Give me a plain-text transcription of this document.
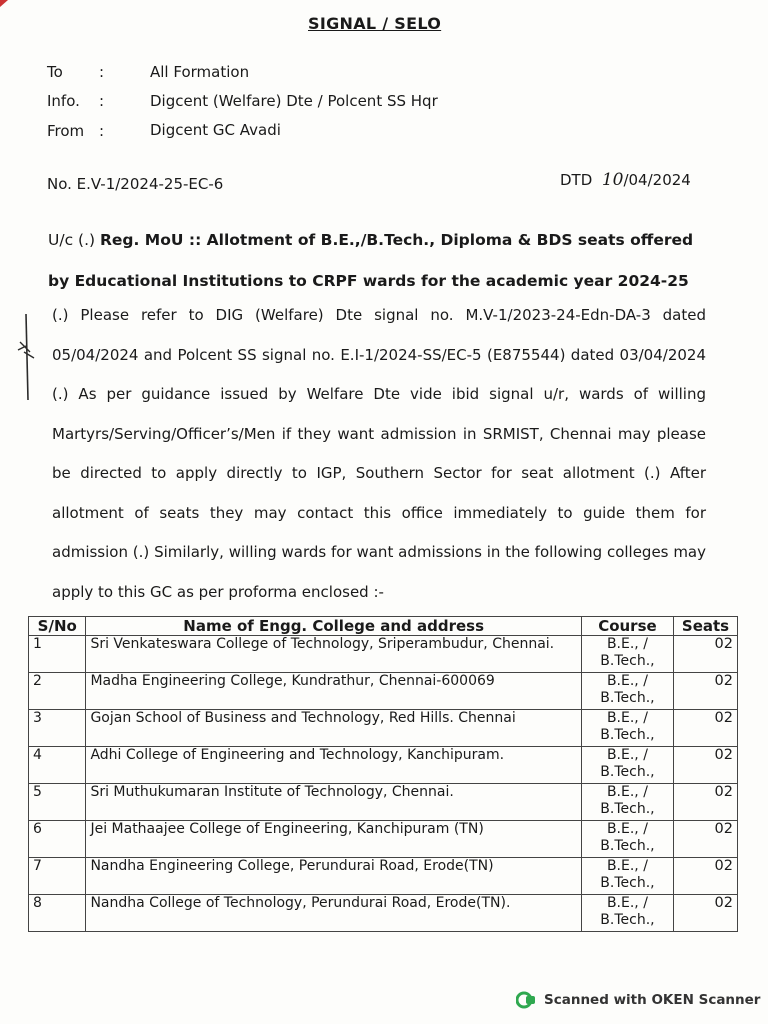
SIGNAL / SELO
To :	All Formation
Info. :	Digcent (Welfare) Dte / Polcent SS Hqr
From :	Digcent GC Avadi
No. E.V-1/2024-25-EC-6	DTD 10/04/2024
U/c (.) Reg. MoU :: Allotment of B.E.,/B.Tech., Diploma & BDS seats offered by Educational Institutions to CRPF wards for the academic year 2024-25
(.) Please refer to DIG (Welfare) Dte signal no. M.V-1/2023-24-Edn-DA-3 dated 05/04/2024 and Polcent SS signal no. E.I-1/2024-SS/EC-5 (E875544) dated 03/04/2024 (.) As per guidance issued by Welfare Dte vide ibid signal u/r, wards of willing Martyrs/Serving/Officer’s/Men if they want admission in SRMIST, Chennai may please be directed to apply directly to IGP, Southern Sector for seat allotment (.) After allotment of seats they may contact this office immediately to guide them for admission (.) Similarly, willing wards for want admissions in the following colleges may apply to this GC as per proforma enclosed :-
S/No	Name of Engg. College and address	Course	Seats
1	Sri Venkateswara College of Technology, Sriperambudur, Chennai.	B.E., / B.Tech.,	02
2	Madha Engineering College, Kundrathur, Chennai-600069	B.E., / B.Tech.,	02
3	Gojan School of Business and Technology, Red Hills. Chennai	B.E., / B.Tech.,	02
4	Adhi College of Engineering and Technology, Kanchipuram.	B.E., / B.Tech.,	02
5	Sri Muthukumaran Institute of Technology, Chennai.	B.E., / B.Tech.,	02
6	Jei Mathaajee College of Engineering, Kanchipuram (TN)	B.E., / B.Tech.,	02
7	Nandha Engineering College, Perundurai Road, Erode(TN)	B.E., / B.Tech.,	02
8	Nandha College of Technology, Perundurai Road, Erode(TN).	B.E., / B.Tech.,	02
Scanned with OKEN Scanner
